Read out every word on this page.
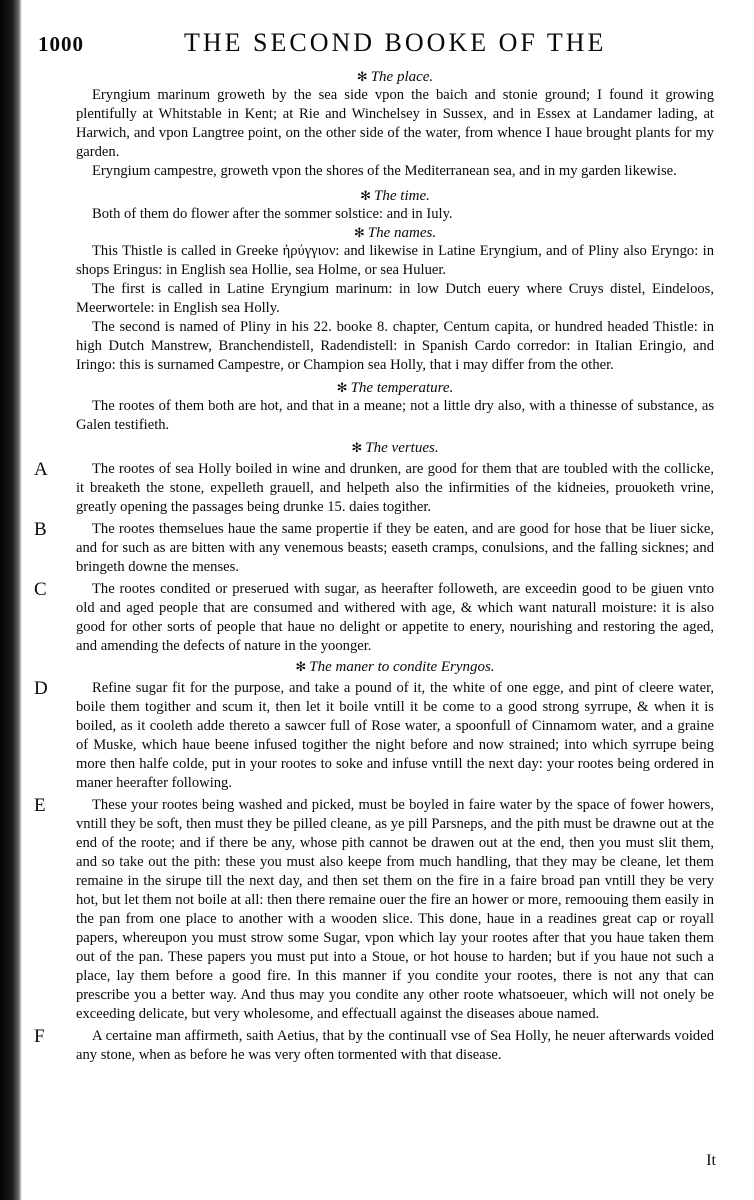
1000	THE SECOND BOOKE OF THE
✻ The place.

Eryngium marinum groweth by the sea side vpon the baich and stonie ground; I found it growing plentifully at Whitstable in Kent; at Rie and Winchelsey in Sussex, and in Essex at Landamer lading, at Harwich, and vpon Langtree point, on the other side of the water, from whence I haue brought plants for my garden.

Eryngium campestre, groweth vpon the shores of the Mediterranean sea, and in my garden likewise.

✻ The time.

Both of them do flower after the sommer solstice: and in Iuly.

✻ The names.

This Thistle is called in Greeke ἠρύγγιον: and likewise in Latine Eryngium, and of Pliny also Eryngo: in shops Eringus: in English sea Hollie, sea Holme, or sea Huluer.

The first is called in Latine Eryngium marinum: in low Dutch euery where Cruys distel, Eindeloos, Meerwortele: in English sea Holly.

The second is named of Pliny in his 22. booke 8. chapter, Centum capita, or hundred headed Thistle: in high Dutch Manstrew, Branchendistell, Radendistell: in Spanish Cardo corredor: in Italian Eringio, and Iringo: this is surnamed Campestre, or Champion sea Holly, that i may differ from the other.

✻ The temperature.

The rootes of them both are hot, and that in a meane; not a little dry also, with a thinesse of substance, as Galen testifieth.

✻ The vertues.

A	The rootes of sea Holly boiled in wine and drunken, are good for them that are toubled with the collicke, it breaketh the stone, expelleth grauell, and helpeth also the infirmities of the kidneies, prouoketh vrine, greatly opening the passages being drunke 15. daies togither.

B	The rootes themselues haue the same propertie if they be eaten, and are good for hose that be liuer sicke, and for such as are bitten with any venemous beasts; easeth cramps, conulsions, and the falling sicknes; and bringeth downe the menses.

C	The rootes condited or preserued with sugar, as heerafter followeth, are exceedin good to be giuen vnto old and aged people that are consumed and withered with age, & which want naturall moisture: it is also good for other sorts of people that haue no delight or appetite to enery, nourishing and restoring the aged, and amending the defects of nature in the yoonger.

✻ The maner to condite Eryngos.

D	Refine sugar fit for the purpose, and take a pound of it, the white of one egge, and pint of cleere water, boile them togither and scum it, then let it boile vntill it be come to a good strong syrrupe, & when it is boiled, as it cooleth adde thereto a sawcer full of Rose water, a spoonfull of Cinnamom water, and a graine of Muske, which haue beene infused togither the night before and now strained; into which syrrupe being more then halfe colde, put in your rootes to soke and infuse vntill the next day: your rootes being ordered in maner heerafter following.

E	These your rootes being washed and picked, must be boyled in faire water by the space of fower howers, vntill they be soft, then must they be pilled cleane, as ye pill Parsneps, and the pith must be drawne out at the end of the roote; and if there be any, whose pith cannot be drawen out at the end, then you must slit them, and so take out the pith: these you must also keepe from much handling, that they may be cleane, let them remaine in the sirupe till the next day, and then set them on the fire in a faire broad pan vntill they be very hot, but let them not boile at all: then there remaine ouer the fire an hower or more, remoouing them easily in the pan from one place to another with a wooden slice. This done, haue in a readines great cap or royall papers, whereupon you must strow some Sugar, vpon which lay your rootes after that you haue taken them out of the pan. These papers you must put into a Stoue, or hot house to harden; but if you haue not such a place, lay them before a good fire. In this manner if you condite your rootes, there is not any that can prescribe you a better way. And thus may you condite any other roote whatsoeuer, which will not onely be exceeding delicate, but very wholesome, and effectuall against the diseases aboue named.

F	A certaine man affirmeth, saith Aetius, that by the continuall vse of Sea Holly, he neuer afterwards voided any stone, when as before he was very often tormented with that disease.

It
